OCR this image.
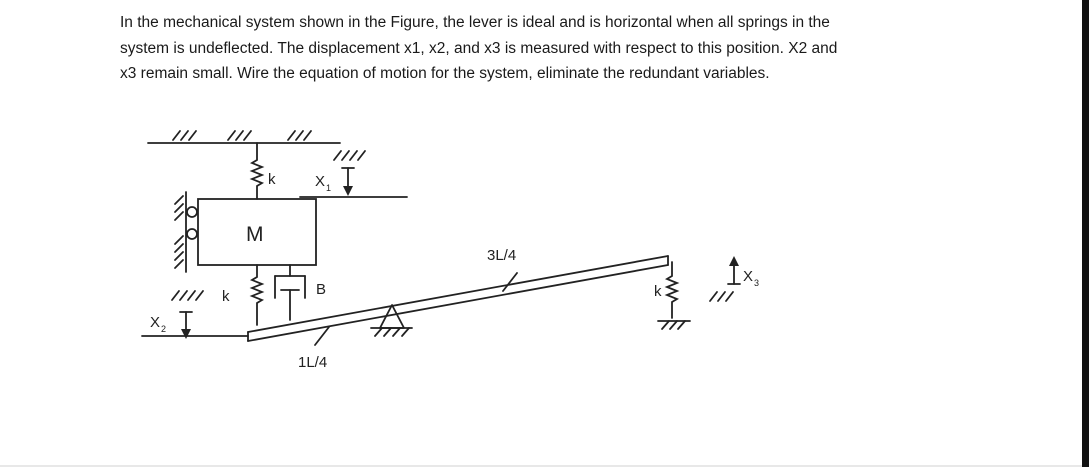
In the mechanical system shown in the Figure, the lever is ideal and is horizontal when all springs in the
system is undeflected. The displacement x1, x2, and x3 is measured with respect to this position. X2 and
x3 remain small. Wire the equation of motion for the system, eliminate the redundant variables.
k	X 1
M
B
k
X 2
1L/4
3L/4
k
X 3
